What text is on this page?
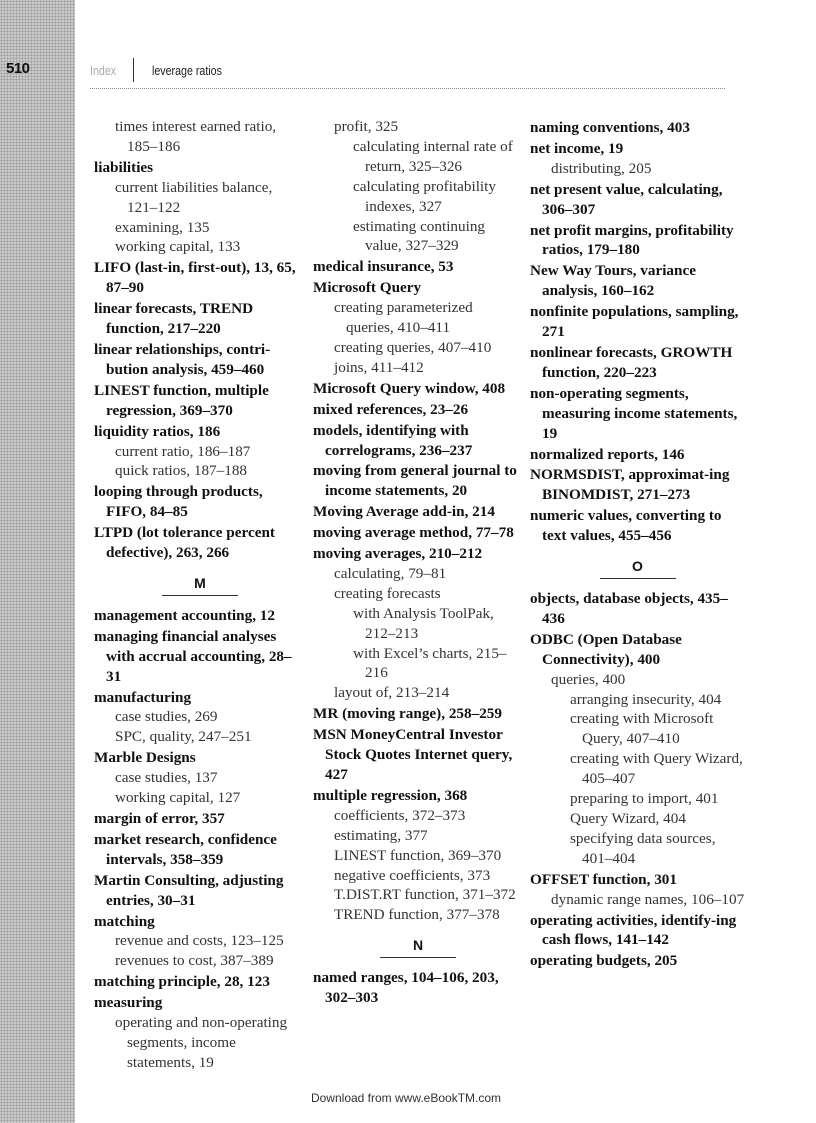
510	Index	leverage ratios
times interest earned ratio, 185–186
liabilities
current liabilities balance, 121–122
examining, 135
working capital, 133
LIFO (last-in, first-out), 13, 65, 87–90
linear forecasts, TREND function, 217–220
linear relationships, contri-bution analysis, 459–460
LINEST function, multiple regression, 369–370
liquidity ratios, 186
current ratio, 186–187
quick ratios, 187–188
looping through products, FIFO, 84–85
LTPD (lot tolerance percent defective), 263, 266
M
management accounting, 12
managing financial analyses with accrual accounting, 28–31
manufacturing
case studies, 269
SPC, quality, 247–251
Marble Designs
case studies, 137
working capital, 127
margin of error, 357
market research, confidence intervals, 358–359
Martin Consulting, adjusting entries, 30–31
matching
revenue and costs, 123–125
revenues to cost, 387–389
matching principle, 28, 123
measuring
operating and non-operating segments, income statements, 19
profit, 325
calculating internal rate of return, 325–326
calculating profitability indexes, 327
estimating continuing value, 327–329
medical insurance, 53
Microsoft Query
creating parameterized queries, 410–411
creating queries, 407–410
joins, 411–412
Microsoft Query window, 408
mixed references, 23–26
models, identifying with correlograms, 236–237
moving from general journal to income statements, 20
Moving Average add-in, 214
moving average method, 77–78
moving averages, 210–212
calculating, 79–81
creating forecasts
with Analysis ToolPak, 212–213
with Excel’s charts, 215–216
layout of, 213–214
MR (moving range), 258–259
MSN MoneyCentral Investor Stock Quotes Internet query, 427
multiple regression, 368
coefficients, 372–373
estimating, 377
LINEST function, 369–370
negative coefficients, 373
T.DIST.RT function, 371–372
TREND function, 377–378
N
named ranges, 104–106, 203, 302–303
naming conventions, 403
net income, 19
distributing, 205
net present value, calculating, 306–307
net profit margins, profitability ratios, 179–180
New Way Tours, variance analysis, 160–162
nonfinite populations, sampling, 271
nonlinear forecasts, GROWTH function, 220–223
non-operating segments, measuring income statements, 19
normalized reports, 146
NORMSDIST, approximat-ing BINOMDIST, 271–273
numeric values, converting to text values, 455–456
O
objects, database objects, 435–436
ODBC (Open Database Connectivity), 400
queries, 400
arranging insecurity, 404
creating with Microsoft Query, 407–410
creating with Query Wizard, 405–407
preparing to import, 401
Query Wizard, 404
specifying data sources, 401–404
OFFSET function, 301
dynamic range names, 106–107
operating activities, identify-ing cash flows, 141–142
operating budgets, 205
Download from www.eBookTM.com
